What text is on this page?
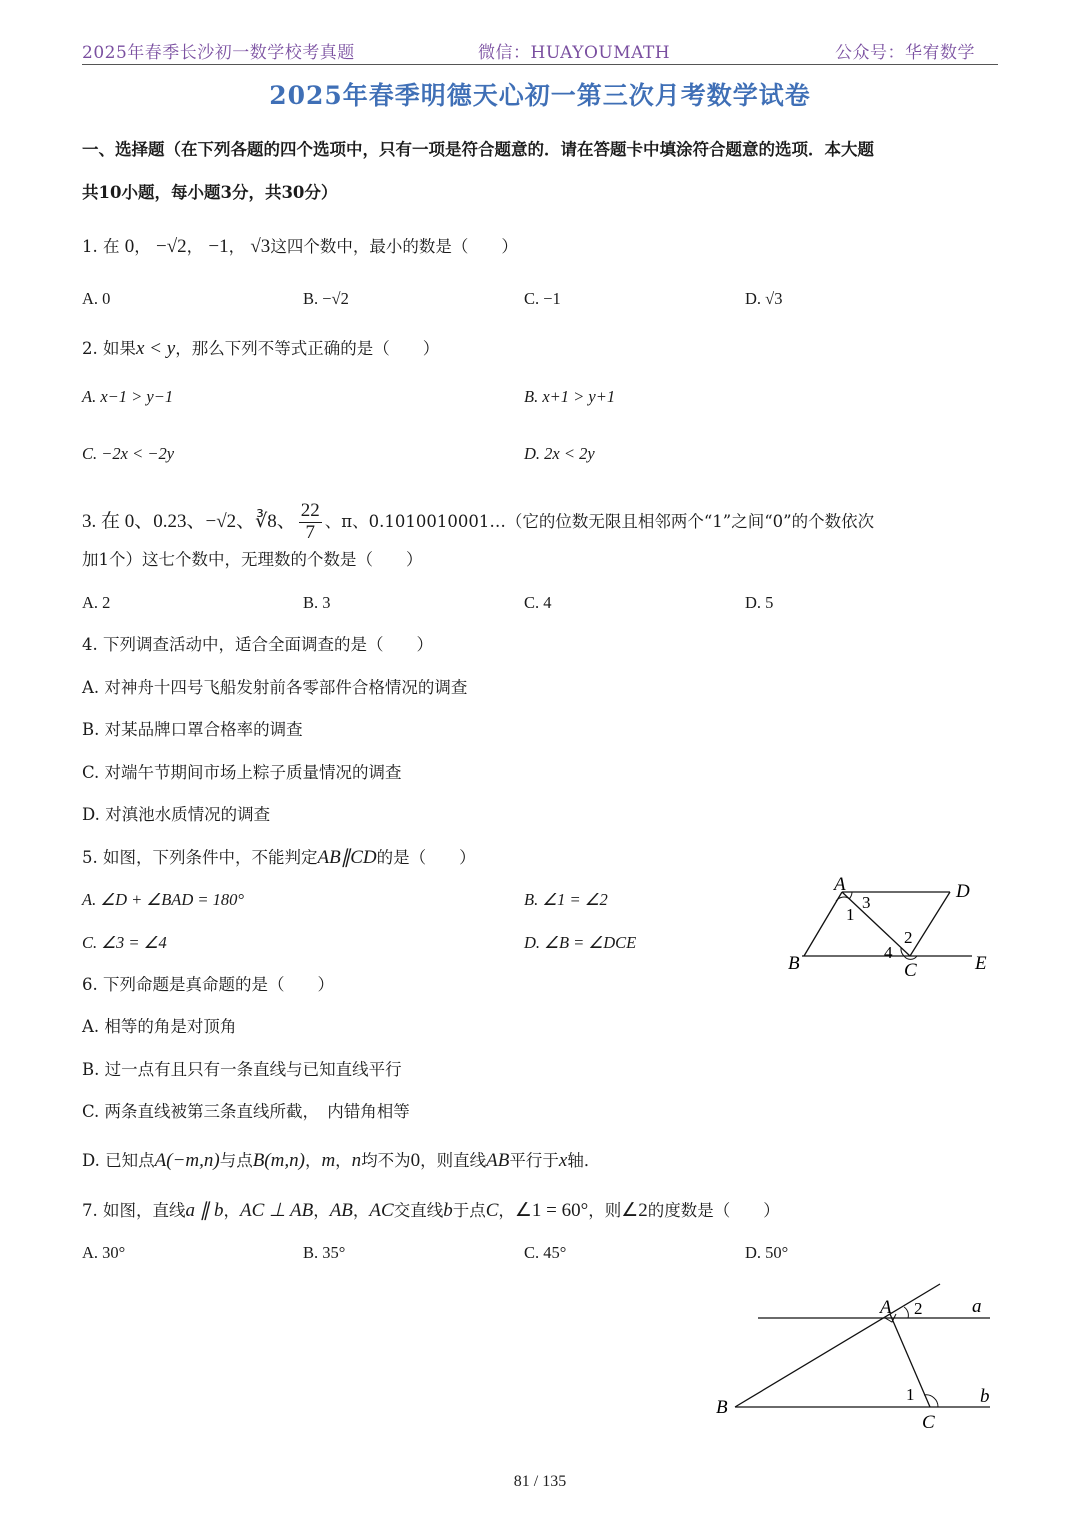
2025年春季长沙初一数学校考真题	微信：HUAYOUMATH	公众号：华宥数学
2025年春季明德天心初一第三次月考数学试卷
一、选择题（在下列各题的四个选项中，只有一项是符合题意的．请在答题卡中填涂符合题意的选项．本大题
共10小题，每小题3分，共30分）
1. 在 0， −√2， −1， √3这四个数中，最小的数是（　　）
A. 0	B. −√2	C. −1	D. √3
2. 如果x < y，那么下列不等式正确的是（　　）
A. x−1 > y−1	B. x+1 > y+1
C. −2x < −2y	D. 2x < 2y
3. 在 0、0.23、−√2、∛8、 $\frac{22}{7}$ 、π、0.1010010001…（它的位数无限且相邻两个“1”之间“0”的个数依次
加1个）这七个数中，无理数的个数是（　　）
A. 2	B. 3	C. 4	D. 5
4. 下列调查活动中，适合全面调查的是（　　）
A. 对神舟十四号飞船发射前各零部件合格情况的调查
B. 对某品牌口罩合格率的调查
C. 对端午节期间市场上粽子质量情况的调查
D. 对滇池水质情况的调查
5. 如图，下列条件中，不能判定AB∥CD的是（　　）
A. ∠D + ∠BAD = 180°	B. ∠1 = ∠2
C. ∠3 = ∠4	D. ∠B = ∠DCE
A	D
B	C	E
1
2
3
4
6. 下列命题是真命题的是（　　）
A. 相等的角是对顶角
B. 过一点有且只有一条直线与已知直线平行
C. 两条直线被第三条直线所截，　内错角相等
D. 已知点A(−m,n)与点B(m,n)，m，n均不为0，则直线AB平行于x轴．
7. 如图，直线a ∥ b，AC ⊥ AB，AB，AC交直线b于点C，∠1 = 60°，则∠2的度数是（　　）
A. 30°	B. 35°	C. 45°	D. 50°
A 2	a
B
1
C
b
81 / 135
